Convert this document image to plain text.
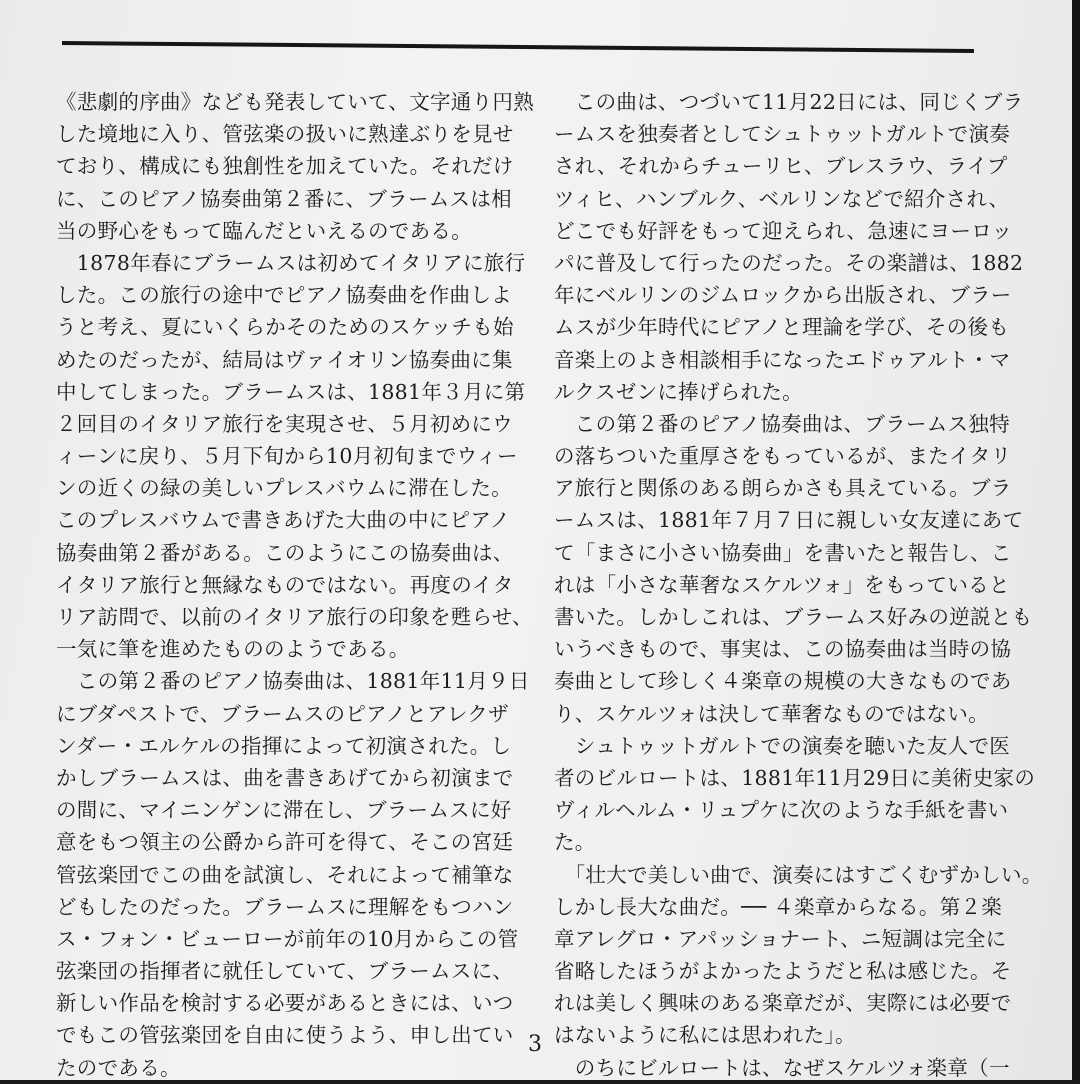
《悲劇的序曲》なども発表していて、文字通り円熟
した境地に入り、管弦楽の扱いに熟達ぶりを見せ
ており、構成にも独創性を加えていた。それだけ
に、このピアノ協奏曲第２番に、ブラームスは相
当の野心をもって臨んだといえるのである。
　1878年春にブラームスは初めてイタリアに旅行
した。この旅行の途中でピアノ協奏曲を作曲しよ
うと考え、夏にいくらかそのためのスケッチも始
めたのだったが、結局はヴァイオリン協奏曲に集
中してしまった。ブラームスは、1881年３月に第
２回目のイタリア旅行を実現させ、５月初めにウ
ィーンに戻り、５月下旬から10月初旬までウィー
ンの近くの緑の美しいプレスバウムに滞在した。
このプレスバウムで書きあげた大曲の中にピアノ
協奏曲第２番がある。このようにこの協奏曲は、
イタリア旅行と無縁なものではない。再度のイタ
リア訪問で、以前のイタリア旅行の印象を甦らせ、
一気に筆を進めたもののようである。
　この第２番のピアノ協奏曲は、1881年11月９日
にブダペストで、ブラームスのピアノとアレクザ
ンダー・エルケルの指揮によって初演された。し
かしブラームスは、曲を書きあげてから初演まで
の間に、マイニンゲンに滞在し、ブラームスに好
意をもつ領主の公爵から許可を得て、そこの宮廷
管弦楽団でこの曲を試演し、それによって補筆な
どもしたのだった。ブラームスに理解をもつハン
ス・フォン・ビューローが前年の10月からこの管
弦楽団の指揮者に就任していて、ブラームスに、
新しい作品を検討する必要があるときには、いつ
でもこの管弦楽団を自由に使うよう、申し出てい
たのである。
　この曲は、つづいて11月22日には、同じくブラ
ームスを独奏者としてシュトゥットガルトで演奏
され、それからチューリヒ、ブレスラウ、ライプ
ツィヒ、ハンブルク、ベルリンなどで紹介され、
どこでも好評をもって迎えられ、急速にヨーロッ
パに普及して行ったのだった。その楽譜は、1882
年にベルリンのジムロックから出版され、ブラー
ムスが少年時代にピアノと理論を学び、その後も
音楽上のよき相談相手になったエドゥアルト・マ
ルクスゼンに捧げられた。
　この第２番のピアノ協奏曲は、ブラームス独特
の落ちついた重厚さをもっているが、またイタリ
ア旅行と関係のある朗らかさも具えている。ブラ
ームスは、1881年７月７日に親しい女友達にあて
て「まさに小さい協奏曲」を書いたと報告し、こ
れは「小さな華奢なスケルツォ」をもっていると
書いた。しかしこれは、ブラームス好みの逆説とも
いうべきもので、事実は、この協奏曲は当時の協
奏曲として珍しく４楽章の規模の大きなものであ
り、スケルツォは決して華奢なものではない。
　シュトゥットガルトでの演奏を聴いた友人で医
者のビルロートは、1881年11月29日に美術史家の
ヴィルヘルム・リュプケに次のような手紙を書い
た。
　「壮大で美しい曲で、演奏にはすごくむずかしい。
しかし長大な曲だ。── ４楽章からなる。第２楽
章アレグロ・アパッショナート、ニ短調は完全に
省略したほうがよかったようだと私は感じた。そ
れは美しく興味のある楽章だが、実際には必要で
はないように私には思われた」。
　のちにビルロートは、なぜスケルツォ楽章（一
3
